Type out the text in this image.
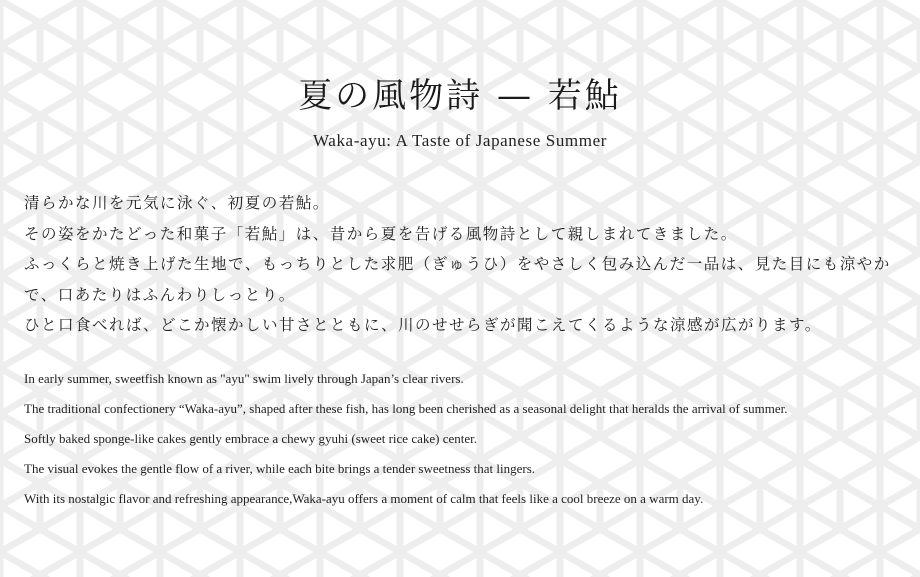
夏の風物詩 — 若鮎
Waka-ayu: A Taste of Japanese Summer

清らかな川を元気に泳ぐ、初夏の若鮎。

その姿をかたどった和菓子「若鮎」は、昔から夏を告げる風物詩として親しまれてきました。

ふっくらと焼き上げた生地で、もっちりとした求肥（ぎゅうひ）をやさしく包み込んだ一品は、見た目にも涼やかで、口あたりはふんわりしっとり。

ひと口食べれば、どこか懐かしい甘さとともに、川のせせらぎが聞こえてくるような涼感が広がります。

In early summer, sweetfish known as "ayu" swim lively through Japan’s clear rivers.

The traditional confectionery “Waka-ayu”, shaped after these fish, has long been cherished as a seasonal delight that heralds the arrival of summer.

Softly baked sponge-like cakes gently embrace a chewy gyuhi (sweet rice cake) center.

The visual evokes the gentle flow of a river, while each bite brings a tender sweetness that lingers.

With its nostalgic flavor and refreshing appearance,Waka-ayu offers a moment of calm that feels like a cool breeze on a warm day.
